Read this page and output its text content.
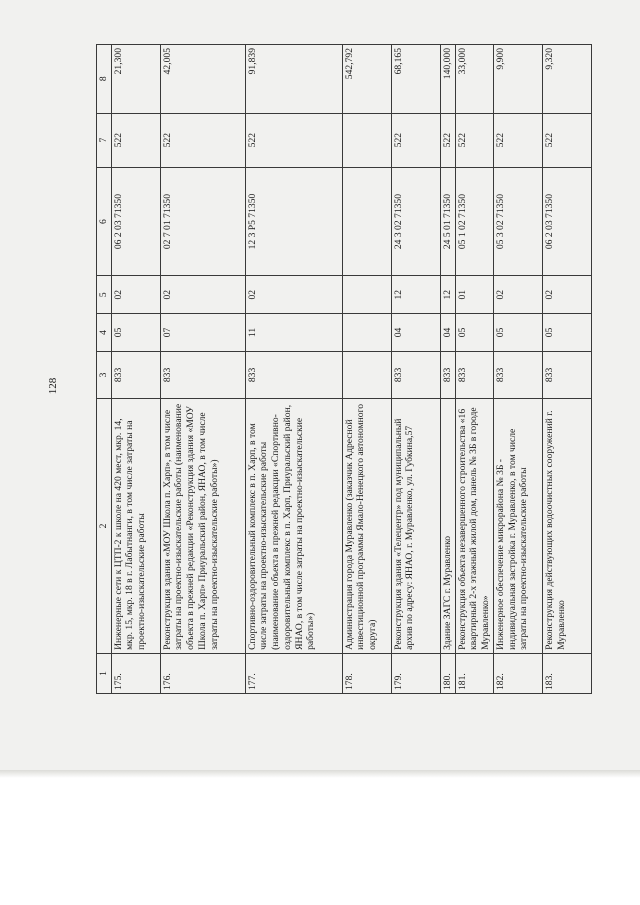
128
1	2	3	4	5	6	7	8
175.	Инженерные сети к ЦТП-2 к школе на 420 мест, мкр. 14, мкр. 15, мкр. 18 в г. Лабытнанги, в том числе затраты на проектно-изыскательские работы	833	05	02	06 2 03 71350	522	21,300
176.	Реконструкция здания «МОУ Школа п. Харп», в том числе затраты на проектно-изыскательские работы (наименование объекта в прежней редакции «Реконструкция здания «МОУ Школа п. Харп» Приуральский район, ЯНАО, в том числе затраты на проектно-изыскательские работы»)	833	07	02	02 7 01 71350	522	42,005
177.	Спортивно-оздоровительный комплекс в п. Харп, в том числе затраты на проектно-изыскательские работы (наименование объекта в прежней редакции «Спортивно-оздоровительный комплекс в п. Харп, Приуральский район, ЯНАО, в том числе затраты на проектно-изыскательские работы»)	833	11	02	12 3 P5 71350	522	91,839
178.	Администрация города Муравленко (заказчик Адресной инвестиционной программы Ямало-Ненецкого автономного округа)						542,792
179.	Реконструкция здания «Телецентр» под муниципальный архив по адресу: ЯНАО, г. Муравленко, ул. Губкина,57	833	04	12	24 3 02 71350	522	68,165
180.	Здание ЗАГС г. Муравленко	833	04	12	24 5 01 71350	522	140,000
181.	Реконструкция объекта незавершенного строительства «16 квартирный 2-х этажный жилой дом, панель № 3Б в городе Муравленко»	833	05	01	05 1 02 71350	522	33,000
182.	Инженерное обеспечение микрорайона № 3Б - индивидуальная застройка г. Муравленко, в том числе затраты на проектно-изыскательские работы	833	05	02	05 3 02 71350	522	9,900
183.	Реконструкция действующих водоочистных сооружений г. Муравленко	833	05	02	06 2 03 71350	522	9,320
